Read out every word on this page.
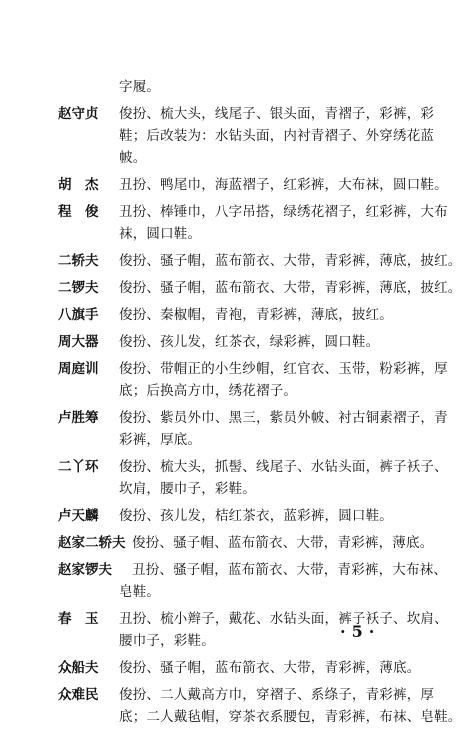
字履。
赵守贞	俊扮、梳大头，线尾子、银头面，青褶子，彩裤，彩
鞋；后改装为：水钻头面，内衬青褶子、外穿绣花蓝
帔。
胡　杰	丑扮、鸭尾巾，海蓝褶子，红彩裤，大布袜，圆口鞋。
程　俊	丑扮、棒锤巾，八字吊搭，绿绣花褶子，红彩裤，大布
袜，圆口鞋。
二轿夫	俊扮、骚子帽，蓝布箭衣、大带，青彩裤，薄底，披红。
二锣夫	俊扮、骚子帽，蓝布箭衣、大带，青彩裤，薄底，披红。
八旗手	俊扮、秦椒帽，青袍，青彩裤，薄底，披红。
周大器	俊扮、孩儿发，红茶衣，绿彩裤，圆口鞋。
周庭训	俊扮、带帽正的小生纱帽，红官衣、玉带，粉彩裤，厚
底；后换高方巾，绣花褶子。
卢胜筹	俊扮、紫员外巾、黑三，紫员外帔、衬古铜素褶子，青
彩裤，厚底。
二丫环	俊扮、梳大头，抓髻、线尾子、水钻头面，裤子袄子、
坎肩，腰巾子，彩鞋。
卢天麟	俊扮、孩儿发，桔红茶衣，蓝彩裤，圆口鞋。
赵家二轿夫 俊扮、骚子帽、蓝布箭衣、大带，青彩裤，薄底。
赵家锣夫	丑扮、骚子帽，蓝布箭衣、大带，青彩裤，大布袜、
皂鞋。
春　玉	丑扮、梳小辫子，戴花、水钻头面，裤子袄子、坎肩、
腰巾子，彩鞋。
众船夫	俊扮、骚子帽，蓝布箭衣、大带，青彩裤，薄底。
众难民	俊扮、二人戴高方巾，穿褶子、系绦子，青彩裤，厚
底；二人戴毡帽，穿茶衣系腰包，青彩裤，布袜、皂鞋。
·5·
